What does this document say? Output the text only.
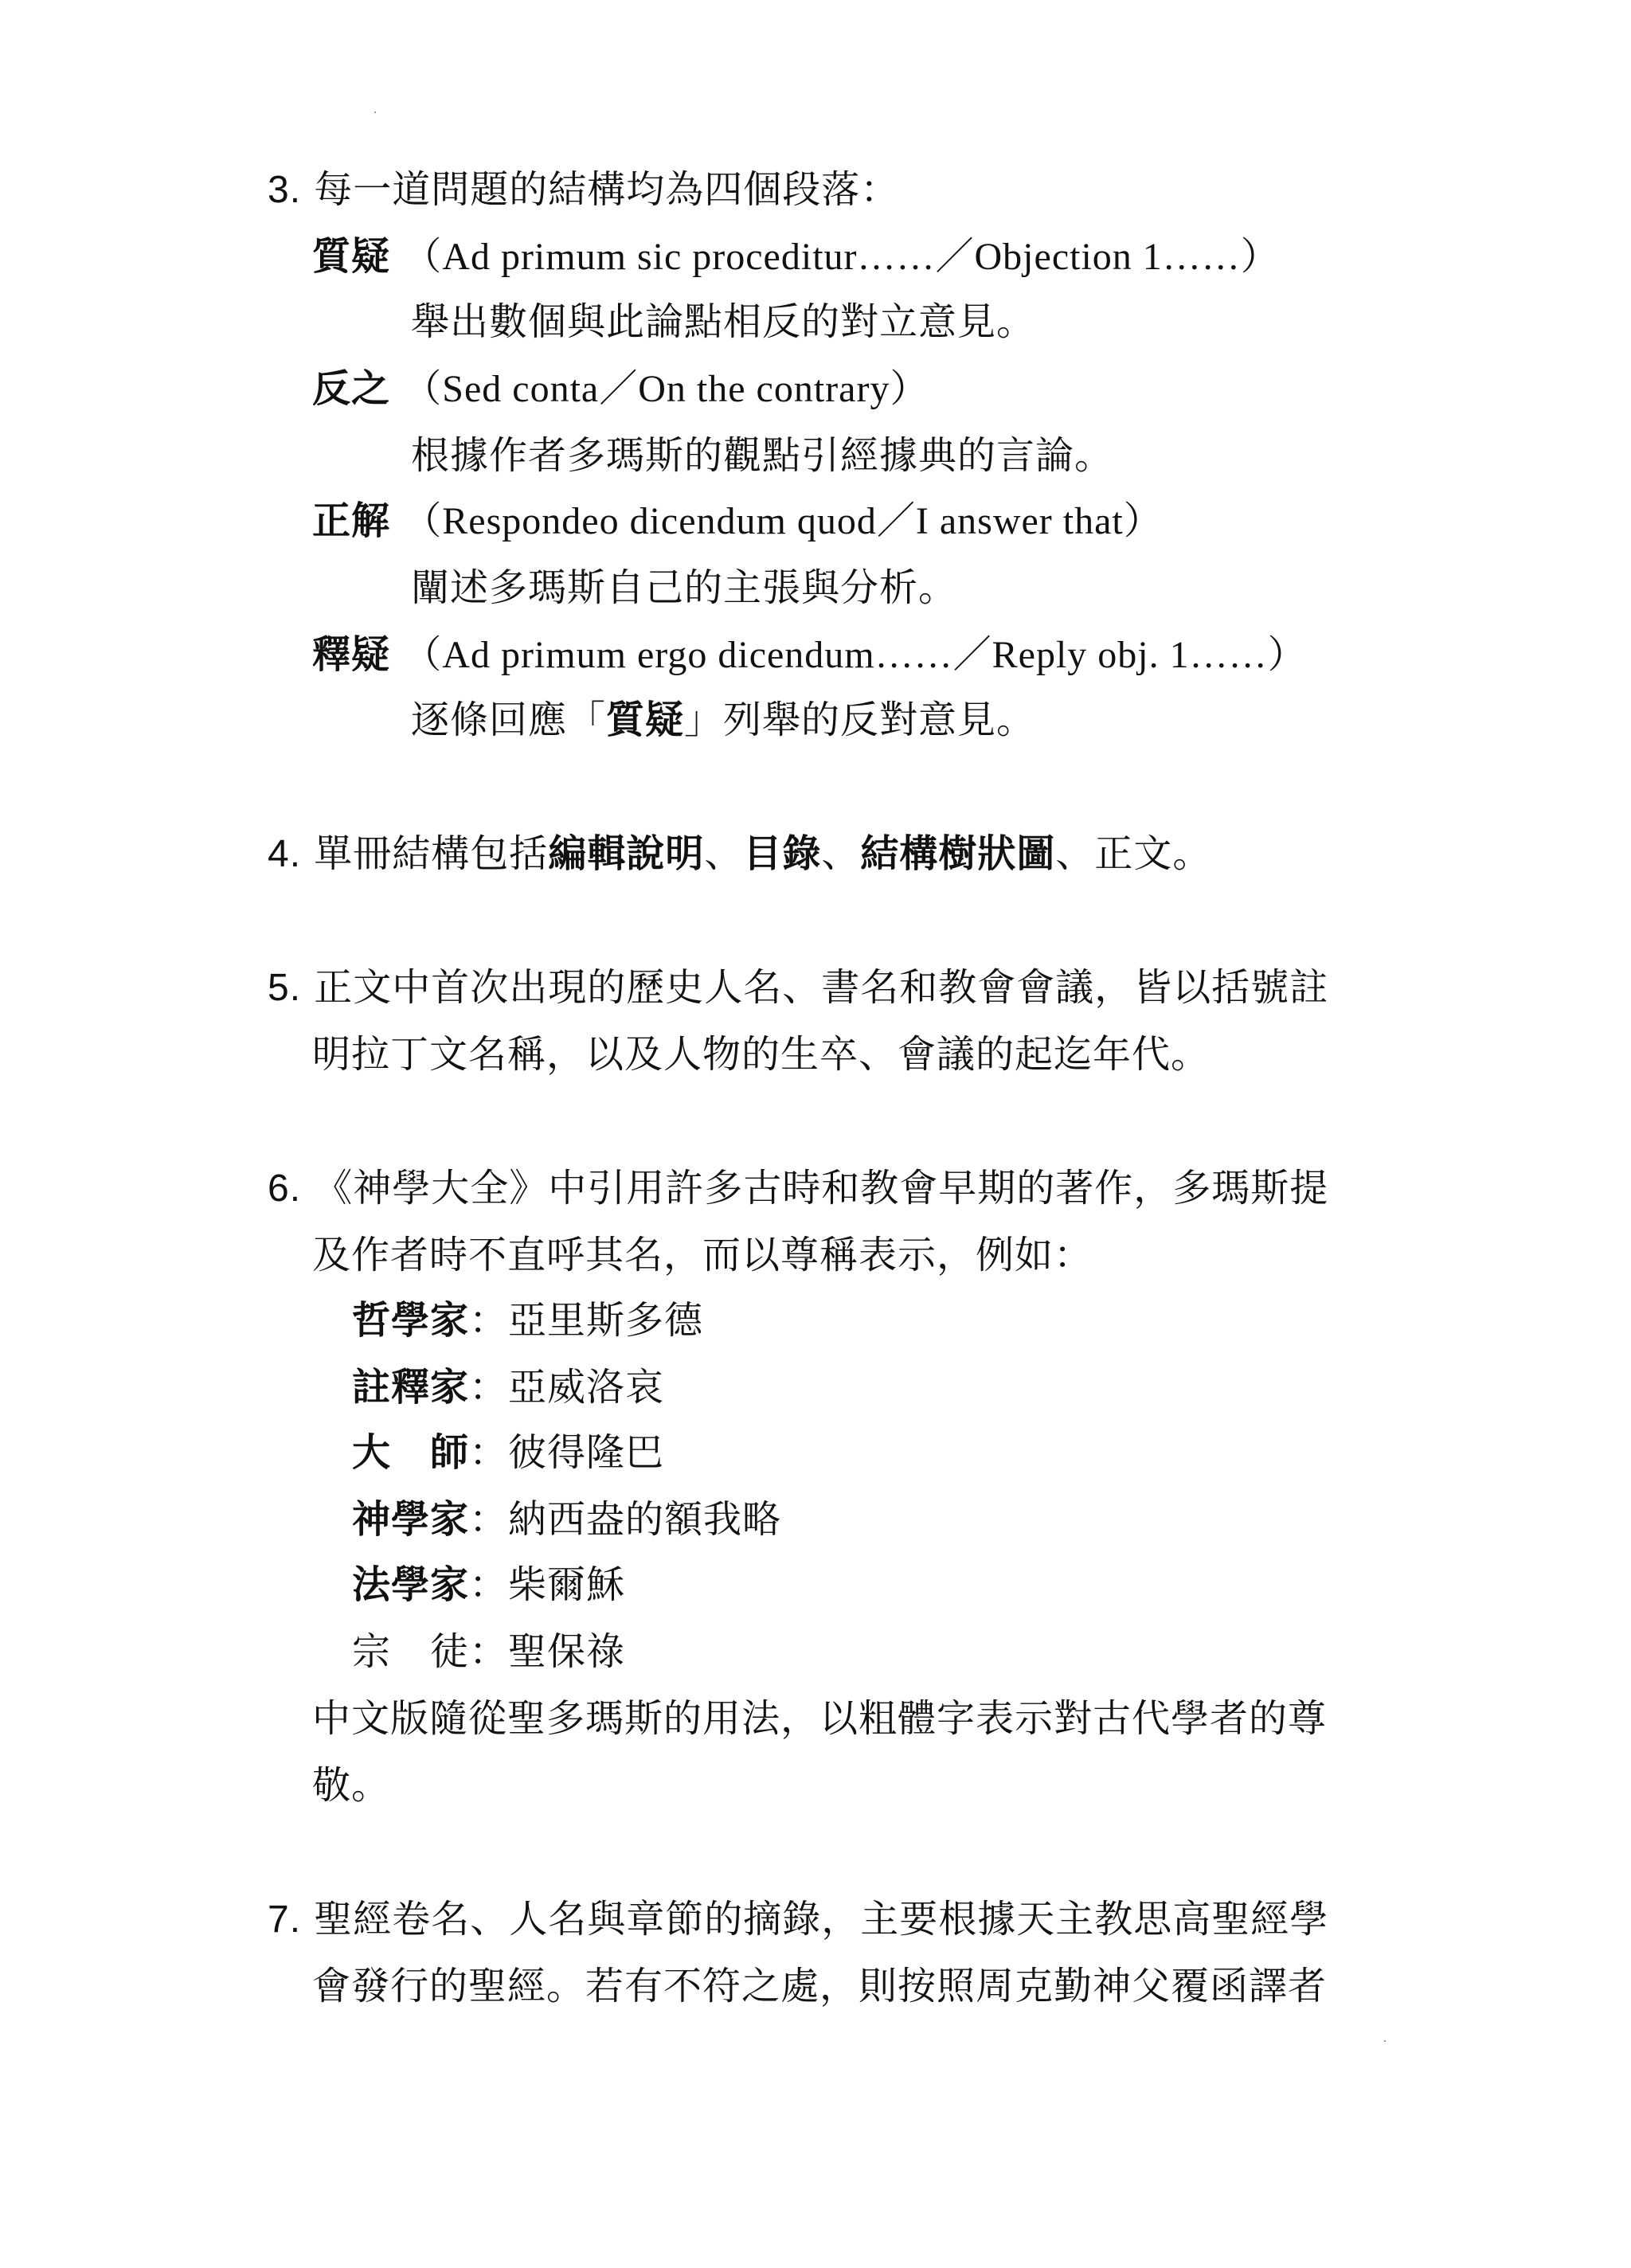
3. 每一道問題的結構均為四個段落：
質疑 （Ad primum sic proceditur……／Objection 1……）
舉出數個與此論點相反的對立意見。
反之 （Sed conta／On the contrary）
根據作者多瑪斯的觀點引經據典的言論。
正解 （Respondeo dicendum quod／I answer that）
闡述多瑪斯自己的主張與分析。
釋疑 （Ad primum ergo dicendum……／Reply obj. 1……）
逐條回應「質疑」列舉的反對意見。
4. 單冊結構包括編輯說明、目錄、結構樹狀圖、正文。
5. 正文中首次出現的歷史人名、書名和教會會議，皆以括號註
明拉丁文名稱，以及人物的生卒、會議的起迄年代。
6. 《神學大全》中引用許多古時和教會早期的著作，多瑪斯提
及作者時不直呼其名，而以尊稱表示，例如：
哲學家：亞里斯多德
註釋家：亞威洛哀
大　師：彼得隆巴
神學家：納西盎的額我略
法學家：柴爾穌
宗　徒：聖保祿
中文版隨從聖多瑪斯的用法，以粗體字表示對古代學者的尊
敬。
7. 聖經卷名、人名與章節的摘錄，主要根據天主教思高聖經學
會發行的聖經。若有不符之處，則按照周克勤神父覆函譯者
